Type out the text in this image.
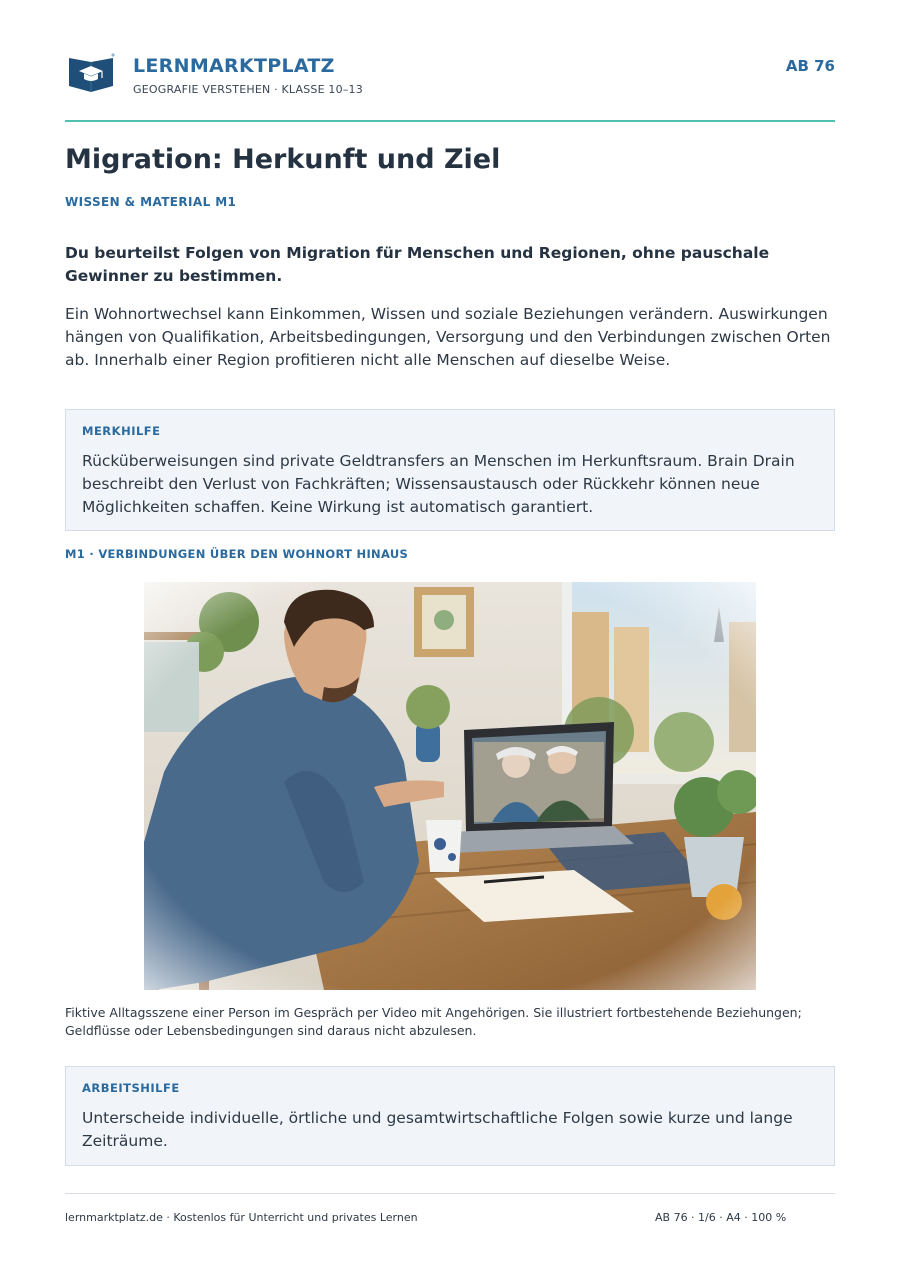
LERNMARKTPLATZ
GEOGRAFIE VERSTEHEN · KLASSE 10–13
AB 76
Migration: Herkunft und Ziel
WISSEN & MATERIAL M1

Du beurteilst Folgen von Migration für Menschen und Regionen, ohne pauschale Gewinner zu bestimmen.

Ein Wohnortwechsel kann Einkommen, Wissen und soziale Beziehungen verändern. Auswirkungen hängen von Qualifikation, Arbeitsbedingungen, Versorgung und den Verbindungen zwischen Orten ab. Innerhalb einer Region profitieren nicht alle Menschen auf dieselbe Weise.

MERKHILFE

Rücküberweisungen sind private Geldtransfers an Menschen im Herkunftsraum. Brain Drain beschreibt den Verlust von Fachkräften; Wissensaustausch oder Rückkehr können neue Möglichkeiten schaffen. Keine Wirkung ist automatisch garantiert.

M1 · VERBINDUNGEN ÜBER DEN WOHNORT HINAUS

Fiktive Alltagsszene einer Person im Gespräch per Video mit Angehörigen. Sie illustriert fortbestehende Beziehungen; Geldflüsse oder Lebensbedingungen sind daraus nicht abzulesen.

ARBEITSHILFE

Unterscheide individuelle, örtliche und gesamtwirtschaftliche Folgen sowie kurze und lange Zeiträume.

lernmarktplatz.de · Kostenlos für Unterricht und privates Lernen	AB 76 · 1/6 · A4 · 100 %
